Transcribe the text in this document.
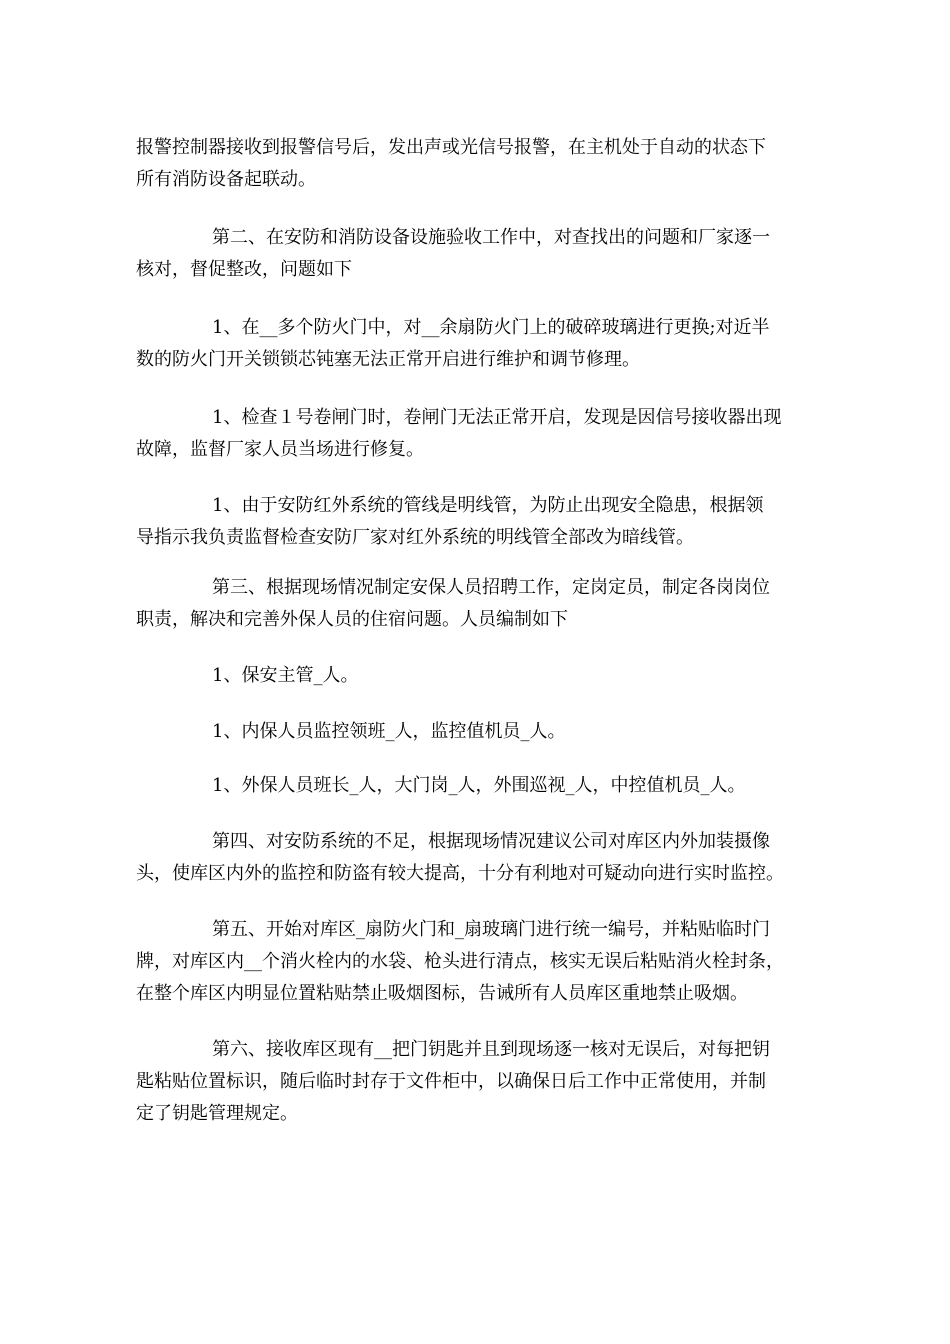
报警控制器接收到报警信号后，发出声或光信号报警，在主机处于自动的状态下
所有消防设备起联动。

第二、在安防和消防设备设施验收工作中，对查找出的问题和厂家逐一
核对，督促整改，问题如下

1、在__多个防火门中，对__余扇防火门上的破碎玻璃进行更换;对近半
数的防火门开关锁锁芯钝塞无法正常开启进行维护和调节修理。

1、检查１号卷闸门时，卷闸门无法正常开启，发现是因信号接收器出现
故障，监督厂家人员当场进行修复。

1、由于安防红外系统的管线是明线管，为防止出现安全隐患，根据领
导指示我负责监督检查安防厂家对红外系统的明线管全部改为暗线管。

第三、根据现场情况制定安保人员招聘工作，定岗定员，制定各岗岗位
职责，解决和完善外保人员的住宿问题。人员编制如下

1、保安主管_人。

1、内保人员监控领班_人，监控值机员_人。

1、外保人员班长_人，大门岗_人，外围巡视_人，中控值机员_人。

第四、对安防系统的不足，根据现场情况建议公司对库区内外加装摄像
头，使库区内外的监控和防盗有较大提高，十分有利地对可疑动向进行实时监控。

第五、开始对库区_扇防火门和_扇玻璃门进行统一编号，并粘贴临时门
牌，对库区内__个消火栓内的水袋、枪头进行清点，核实无误后粘贴消火栓封条，
在整个库区内明显位置粘贴禁止吸烟图标，告诫所有人员库区重地禁止吸烟。

第六、接收库区现有__把门钥匙并且到现场逐一核对无误后，对每把钥
匙粘贴位置标识，随后临时封存于文件柜中，以确保日后工作中正常使用，并制
定了钥匙管理规定。
